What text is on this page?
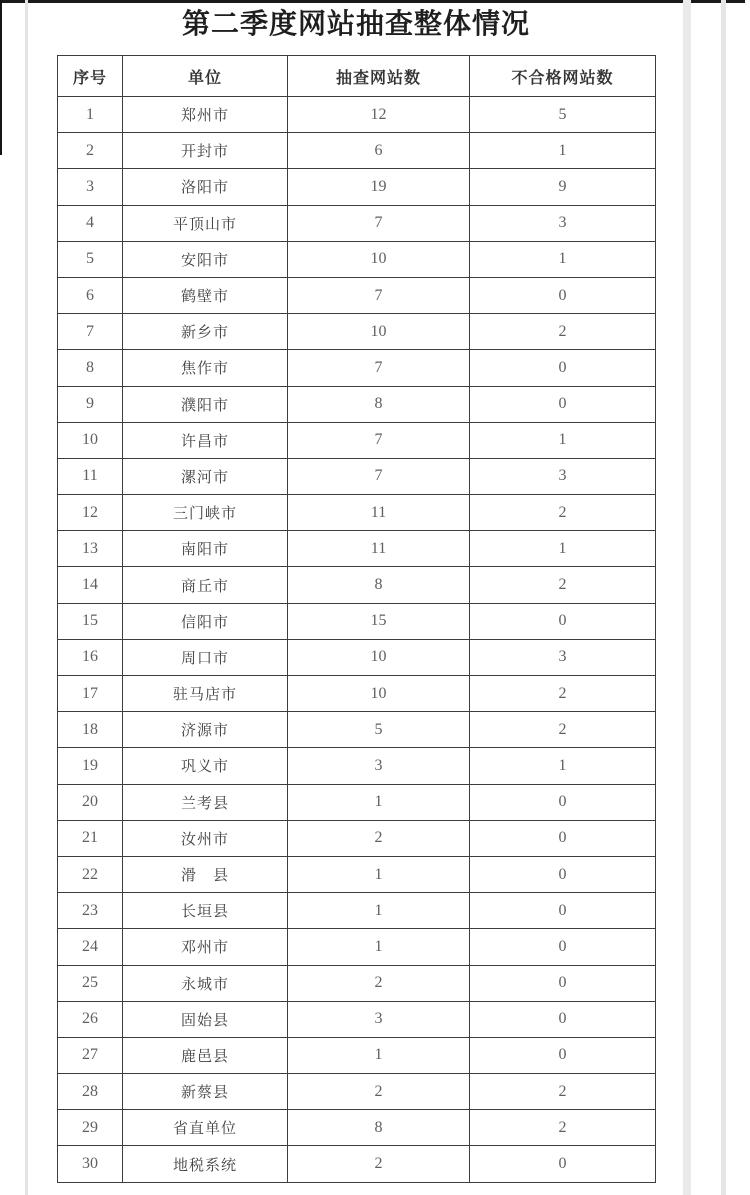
第二季度网站抽查整体情况
序号	单位	抽查网站数	不合格网站数
1	郑州市	12	5
2	开封市	6	1
3	洛阳市	19	9
4	平顶山市	7	3
5	安阳市	10	1
6	鹤壁市	7	0
7	新乡市	10	2
8	焦作市	7	0
9	濮阳市	8	0
10	许昌市	7	1
11	漯河市	7	3
12	三门峡市	11	2
13	南阳市	11	1
14	商丘市	8	2
15	信阳市	15	0
16	周口市	10	3
17	驻马店市	10	2
18	济源市	5	2
19	巩义市	3	1
20	兰考县	1	0
21	汝州市	2	0
22	滑　县	1	0
23	长垣县	1	0
24	邓州市	1	0
25	永城市	2	0
26	固始县	3	0
27	鹿邑县	1	0
28	新蔡县	2	2
29	省直单位	8	2
30	地税系统	2	0
